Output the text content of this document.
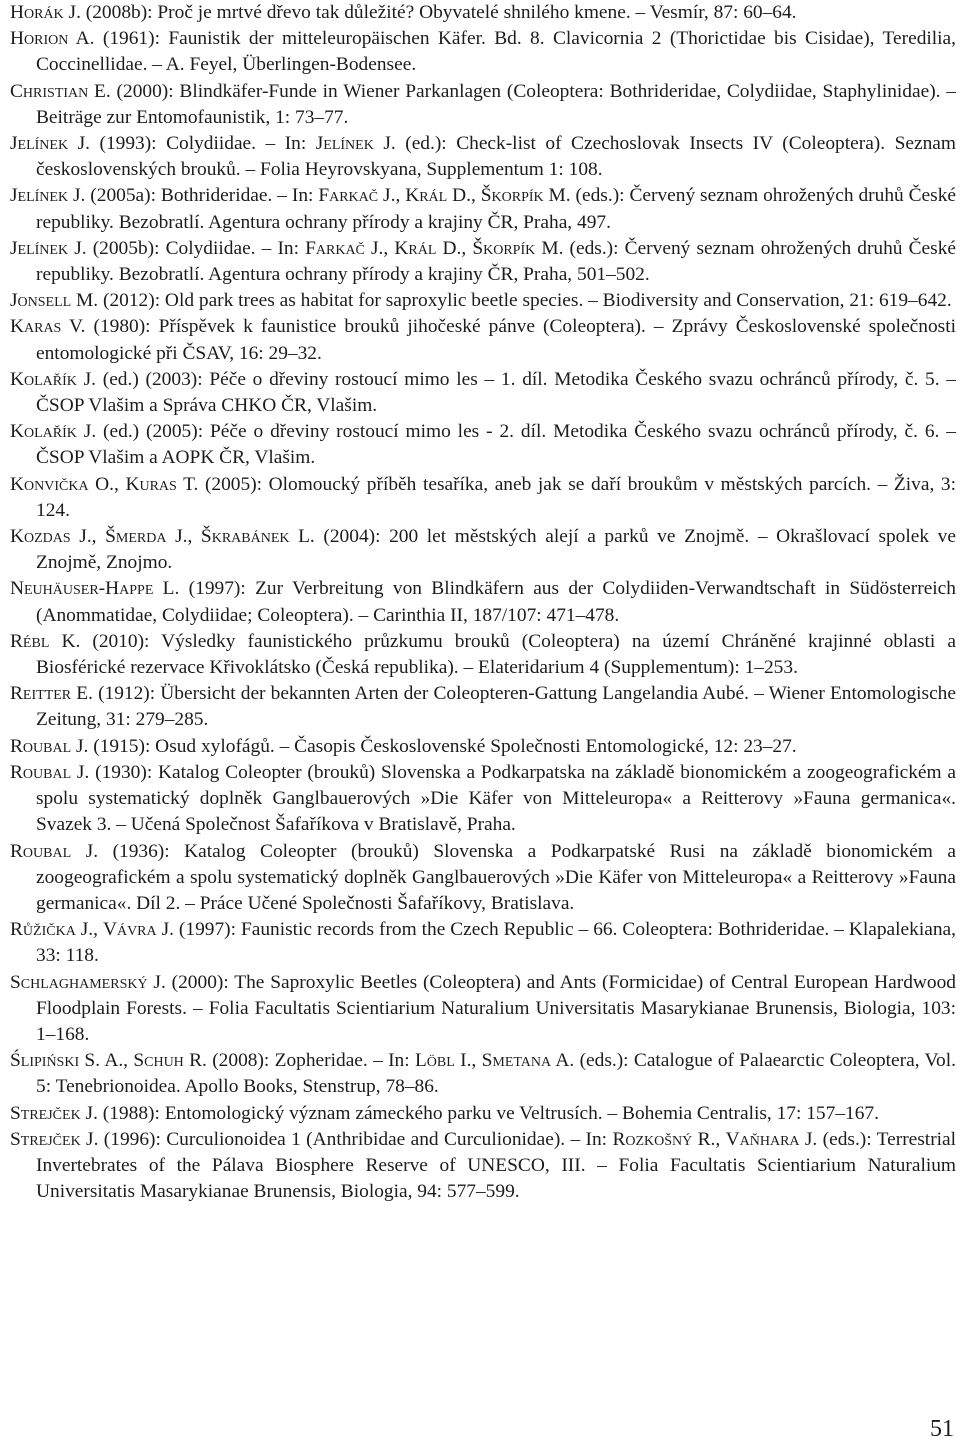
Horák J. (2008b): Proč je mrtvé dřevo tak důležité? Obyvatelé shnilého kmene. – Vesmír, 87: 60–64.
Horion A. (1961): Faunistik der mitteleuropäischen Käfer. Bd. 8. Clavicornia 2 (Thorictidae bis Cisidae), Teredilia, Coccinellidae. – A. Feyel, Überlingen-Bodensee.
Christian E. (2000): Blindkäfer-Funde in Wiener Parkanlagen (Coleoptera: Bothrideridae, Colydiidae, Staphylinidae). – Beiträge zur Entomofaunistik, 1: 73–77.
Jelínek J. (1993): Colydiidae. – In: Jelínek J. (ed.): Check-list of Czechoslovak Insects IV (Coleoptera). Seznam československých brouků. – Folia Heyrovskyana, Supplementum 1: 108.
Jelínek J. (2005a): Bothrideridae. – In: Farkač J., Král D., Škorpík M. (eds.): Červený seznam ohrožených druhů České republiky. Bezobratlí. Agentura ochrany přírody a krajiny ČR, Praha, 497.
Jelínek J. (2005b): Colydiidae. – In: Farkač J., Král D., Škorpík M. (eds.): Červený seznam ohrožených druhů České republiky. Bezobratlí. Agentura ochrany přírody a krajiny ČR, Praha, 501–502.
Jonsell M. (2012): Old park trees as habitat for saproxylic beetle species. – Biodiversity and Conservation, 21: 619–642.
Karas V. (1980): Příspěvek k faunistice brouků jihočeské pánve (Coleoptera). – Zprávy Československé společnosti entomologické při ČSAV, 16: 29–32.
Kolařík J. (ed.) (2003): Péče o dřeviny rostoucí mimo les – 1. díl. Metodika Českého svazu ochránců přírody, č. 5. – ČSOP Vlašim a Správa CHKO ČR, Vlašim.
Kolařík J. (ed.) (2005): Péče o dřeviny rostoucí mimo les - 2. díl. Metodika Českého svazu ochránců přírody, č. 6. – ČSOP Vlašim a AOPK ČR, Vlašim.
Konvička O., Kuras T. (2005): Olomoucký příběh tesaříka, aneb jak se daří broukům v městských parcích. – Živa, 3: 124.
Kozdas J., Šmerda J., Škrabánek L. (2004): 200 let městských alejí a parků ve Znojmě. – Okrašlovací spolek ve Znojmě, Znojmo.
Neuhäuser-Happe L. (1997): Zur Verbreitung von Blindkäfern aus der Colydiiden-Verwandtschaft in Südösterreich (Anommatidae, Colydiidae; Coleoptera). – Carinthia II, 187/107: 471–478.
Rébl K. (2010): Výsledky faunistického průzkumu brouků (Coleoptera) na území Chráněné krajinné oblasti a Biosférické rezervace Křivoklátsko (Česká republika). – Elateridarium 4 (Supplementum): 1–253.
Reitter E. (1912): Übersicht der bekannten Arten der Coleopteren-Gattung Langelandia Aubé. – Wiener Entomologische Zeitung, 31: 279–285.
Roubal J. (1915): Osud xylofágů. – Časopis Československé Společnosti Entomologické, 12: 23–27.
Roubal J. (1930): Katalog Coleopter (brouků) Slovenska a Podkarpatska na základě bionomickém a zoogeografickém a spolu systematický doplněk Ganglbauerových »Die Käfer von Mitteleuropa« a Reitterovy »Fauna germanica«. Svazek 3. – Učená Společnost Šafaříkova v Bratislavě, Praha.
Roubal J. (1936): Katalog Coleopter (brouků) Slovenska a Podkarpatské Rusi na základě bionomickém a zoogeografickém a spolu systematický doplněk Ganglbauerových »Die Käfer von Mitteleuropa« a Reitterovy »Fauna germanica«. Díl 2. – Práce Učené Společnosti Šafaříkovy, Bratislava.
Růžička J., Vávra J. (1997): Faunistic records from the Czech Republic – 66. Coleoptera: Bothrideridae. – Klapalekiana, 33: 118.
Schlaghamerský J. (2000): The Saproxylic Beetles (Coleoptera) and Ants (Formicidae) of Central European Hardwood Floodplain Forests. – Folia Facultatis Scientiarium Naturalium Universitatis Masarykianae Brunensis, Biologia, 103: 1–168.
Ślipiński S. A., Schuh R. (2008): Zopheridae. – In: Löbl I., Smetana A. (eds.): Catalogue of Palaearctic Coleoptera, Vol. 5: Tenebrionoidea. Apollo Books, Stenstrup, 78–86.
Strejček J. (1988): Entomologický význam zámeckého parku ve Veltrusích. – Bohemia Centralis, 17: 157–167.
Strejček J. (1996): Curculionoidea 1 (Anthribidae and Curculionidae). – In: Rozkošný R., Vaňhara J. (eds.): Terrestrial Invertebrates of the Pálava Biosphere Reserve of UNESCO, III. – Folia Facultatis Scientiarium Naturalium Universitatis Masarykianae Brunensis, Biologia, 94: 577–599.
51
